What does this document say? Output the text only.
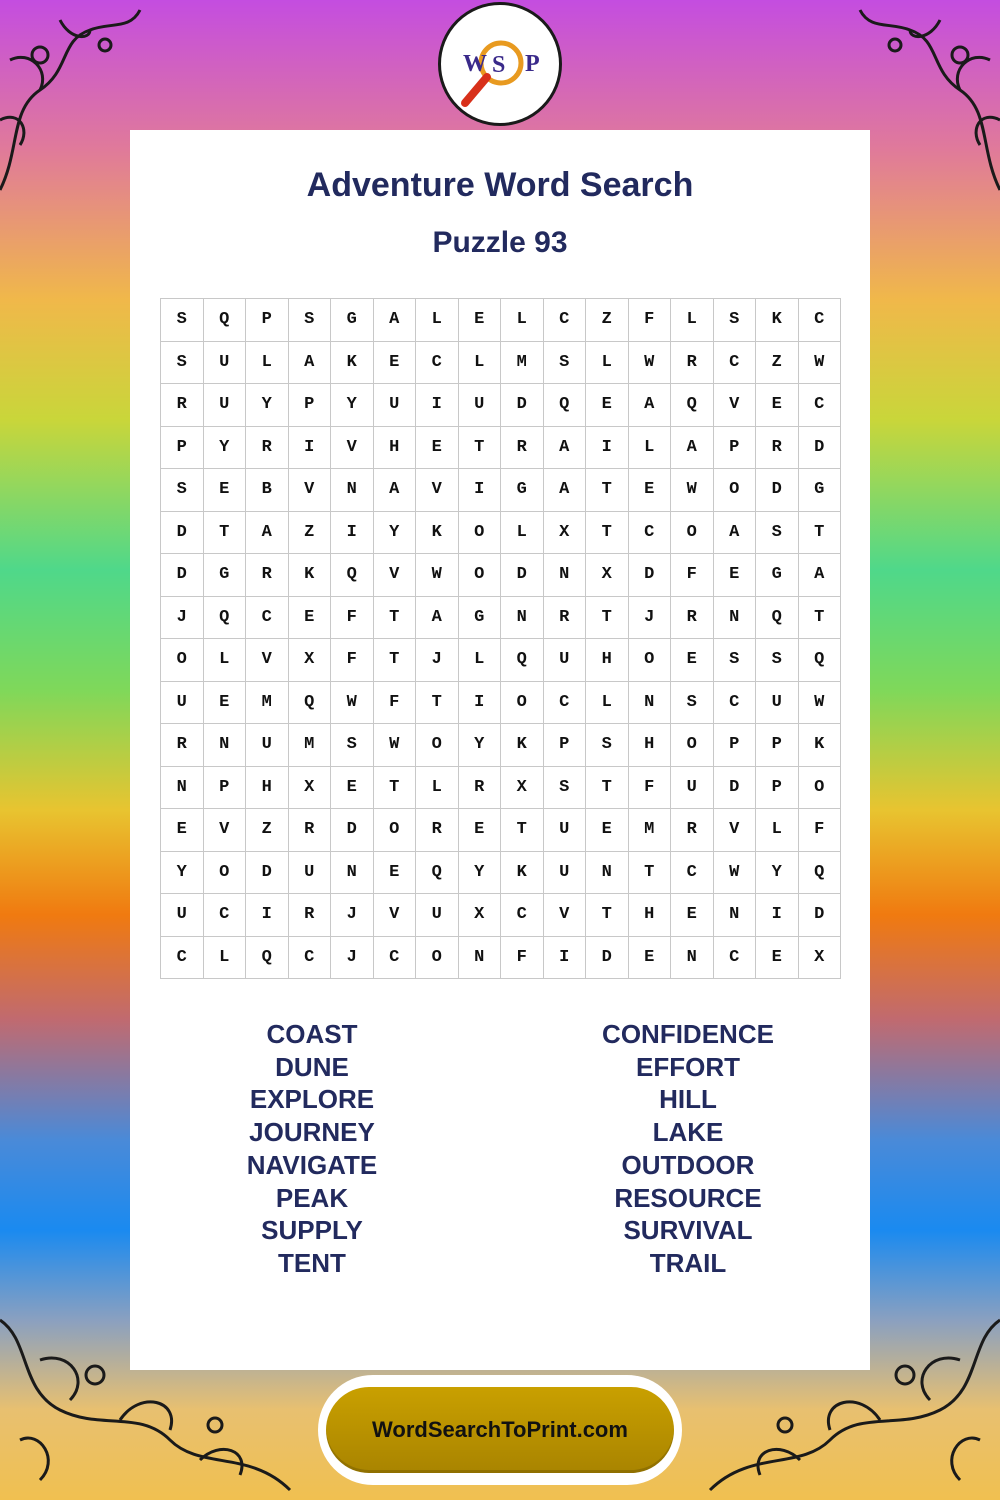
W S P
Adventure Word Search
Puzzle 93
S	Q	P	S	G	A	L	E	L	C	Z	F	L	S	K	C
S	U	L	A	K	E	C	L	M	S	L	W	R	C	Z	W
R	U	Y	P	Y	U	I	U	D	Q	E	A	Q	V	E	C
P	Y	R	I	V	H	E	T	R	A	I	L	A	P	R	D
S	E	B	V	N	A	V	I	G	A	T	E	W	O	D	G
D	T	A	Z	I	Y	K	O	L	X	T	C	O	A	S	T
D	G	R	K	Q	V	W	O	D	N	X	D	F	E	G	A
J	Q	C	E	F	T	A	G	N	R	T	J	R	N	Q	T
O	L	V	X	F	T	J	L	Q	U	H	O	E	S	S	Q
U	E	M	Q	W	F	T	I	O	C	L	N	S	C	U	W
R	N	U	M	S	W	O	Y	K	P	S	H	O	P	P	K
N	P	H	X	E	T	L	R	X	S	T	F	U	D	P	O
E	V	Z	R	D	O	R	E	T	U	E	M	R	V	L	F
Y	O	D	U	N	E	Q	Y	K	U	N	T	C	W	Y	Q
U	C	I	R	J	V	U	X	C	V	T	H	E	N	I	D
C	L	Q	C	J	C	O	N	F	I	D	E	N	C	E	X
COAST
DUNE
EXPLORE
JOURNEY
NAVIGATE
PEAK
SUPPLY
TENT
CONFIDENCE
EFFORT
HILL
LAKE
OUTDOOR
RESOURCE
SURVIVAL
TRAIL
WordSearchToPrint.com
